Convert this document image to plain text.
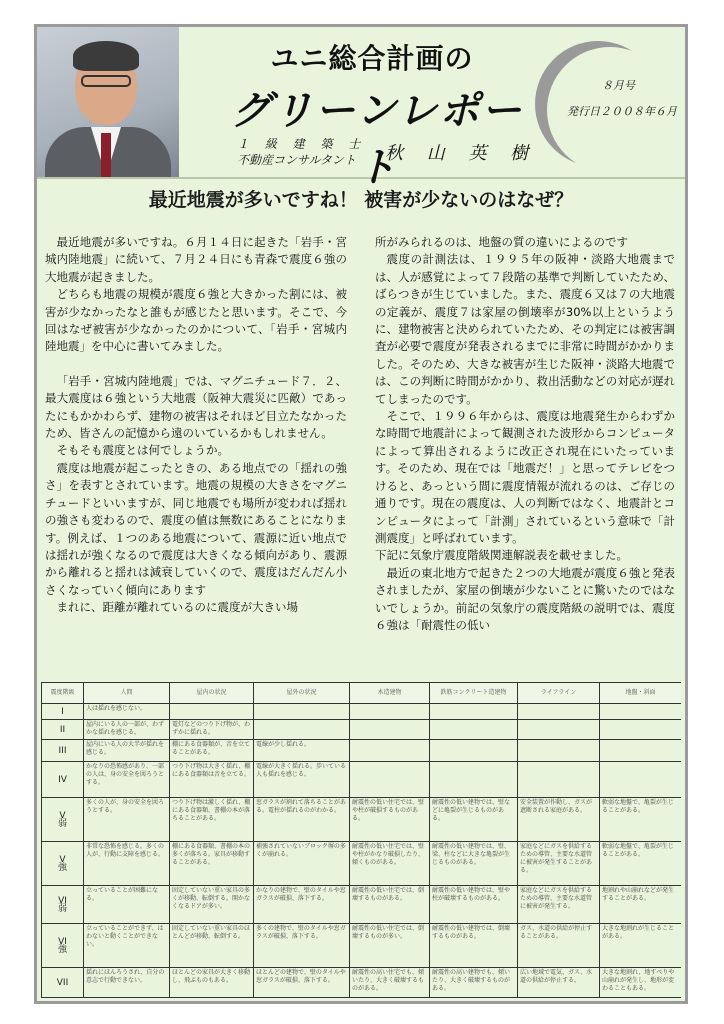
ユニ総合計画の
グリーンレポート
１ 級 建 築 士
不動産コンサルタント 秋 山 英 樹
８月号
発行日２００８年６月
最近地震が多いですね！ 被害が少ないのはなぜ？

最近地震が多いですね。６月１４日に起きた「岩手・宮城内陸地震」に続いて、７月２４日にも青森で震度６強の大地震が起きました。

どちらも地震の規模が震度６強と大きかった割には、被害が少なかったなと誰もが感じたと思います。そこで、今回はなぜ被害が少なかったのかについて、「岩手・宮城内陸地震」を中心に書いてみました。

「岩手・宮城内陸地震」では、マグニチュード７．２、最大震度は６強という大地震（阪神大震災に匹敵）であったにもかかわらず、建物の被害はそれほど目立たなかったため、皆さんの記憶から遠のいているかもしれません。

そもそも震度とは何でしょうか。

震度は地震が起こったときの、ある地点での「揺れの強さ」を表すとされています。地震の規模の大きさをマグニチュードといいますが、同じ地震でも場所が変われば揺れの強さも変わるので、震度の値は無数にあることになります。例えば、１つのある地震について、震源に近い地点では揺れが強くなるので震度は大きくなる傾向があり、震源から離れると揺れは減衰していくので、震度はだんだん小さくなっていく傾向にあります

まれに、距離が離れているのに震度が大きい場

所がみられるのは、地盤の質の違いによるのです

震度の計測法は、１９９５年の阪神・淡路大地震までは、人が感覚によって７段階の基準で判断していたため、ばらつきが生じていました。また、震度６又は７の大地震の定義が、震度７は家屋の倒壊率が30%以上というように、建物被害と決められていたため、その判定には被害調査が必要で震度が発表されるまでに非常に時間がかかりました。そのため、大きな被害が生じた阪神・淡路大地震では、この判断に時間がかかり、救出活動などの対応が遅れてしまったのです。

そこで、１９９６年からは、震度は地震発生からわずかな時間で地震計によって観測された波形からコンピュータによって算出されるように改正され現在にいたっています。そのため、現在では「地震だ！」と思ってテレビをつけると、あっという間に震度情報が流れるのは、ご存じの通りです。現在の震度は、人の判断ではなく、地震計とコンピュータによって「計測」されているという意味で「計測震度」と呼ばれています。

下記に気象庁震度階級関連解説表を載せました。

最近の東北地方で起きた２つの大地震が震度６強と発表されましたが、家屋の倒壊が少ないことに驚いたのではないでしょうか。前記の気象庁の震度階級の説明では、震度６強は「耐震性の低い

震度階級	人間	屋内の状況	屋外の状況	木造建物	鉄筋コンクリート造建物	ライフライン	地盤・斜面

I	人は揺れを感じない。						

II	屋内にいる人の一部が、わずかな揺れを感じる。	電灯などのつり下げ物が、わずかに揺れる。					

III	屋内にいる人の大半が揺れを感じる。	棚にある食器類が、音を立てることがある。	電線が少し揺れる。				

IV	かなりの恐怖感があり、一部の人は、身の安全を図ろうとする。	つり下げ物は大きく揺れ、棚にある食器類は音を立てる。	電線が大きく揺れる。歩いている人も揺れを感じる。				

V
弱	多くの人が、身の安全を図ろうとする。	つり下げ物は激しく揺れ、棚にある食器類、書棚の本が落ちることがある。	窓ガラスが割れて落ちることがある。電柱が揺れるのがわかる。	耐震性の低い住宅では、壁や柱が破損するものがある。	耐震性の低い建物では、壁などに亀裂が生じるものがある。	安全装置が作動し、ガスが遮断される家庭がある。	軟弱な地盤で、亀裂が生じることがある。

V
強	非常な恐怖を感じる。多くの人が、行動に支障を感じる。	棚にある食器類、書棚の本の多くが落ちる。家具が移動することがある。	補強されていないブロック塀の多くが崩れる。	耐震性の低い住宅では、壁や柱がかなり破損したり、傾くものがある。	耐震性の低い建物では、壁、梁、柱などに大きな亀裂が生じるものがある。	家庭などにガスを供給するための導管、主要な水道管に被害が発生することがある。	軟弱な地盤で、亀裂が生じることがある。

VI
弱	立っていることが困難になる。	固定していない重い家具の多くが移動、転倒する。開かなくなるドアが多い。	かなりの建物で、壁のタイルや窓ガラスが破損、落下する。	耐震性の低い住宅では、倒壊するものがある。	耐震性の低い建物では、壁や柱が破壊するものがある。	家庭などにガスを供給するための導管、主要な水道管に被害が発生する。	地割れや山崩れなどが発生することがある。

VI
強	立っていることができず、はわないと動くことができない。	固定していない重い家具のほとんどが移動、転倒する。	多くの建物で、壁のタイルや窓ガラスが破損、落下する。	耐震性の低い住宅では、倒壊するものが多い。	耐震性の低い建物では、倒壊するものがある。	ガス、水道の供給が停止することがある。	大きな地割れが生じることがある。

VII	揺れにほんろうされ、自分の意志で行動できない。	ほとんどの家具が大きく移動し、飛ぶものもある。	ほとんどの建物で、壁のタイルや窓ガラスが破損、落下する。	耐震性の高い住宅でも、傾いたり、大きく破壊するものがある。	耐震性の高い建物でも、傾いたり、大きく破壊するものがある。	広い地域で電気、ガス、水道の供給が停止する。	大きな地割れ、地すべりや山崩れが発生し、地形が変わることもある。
